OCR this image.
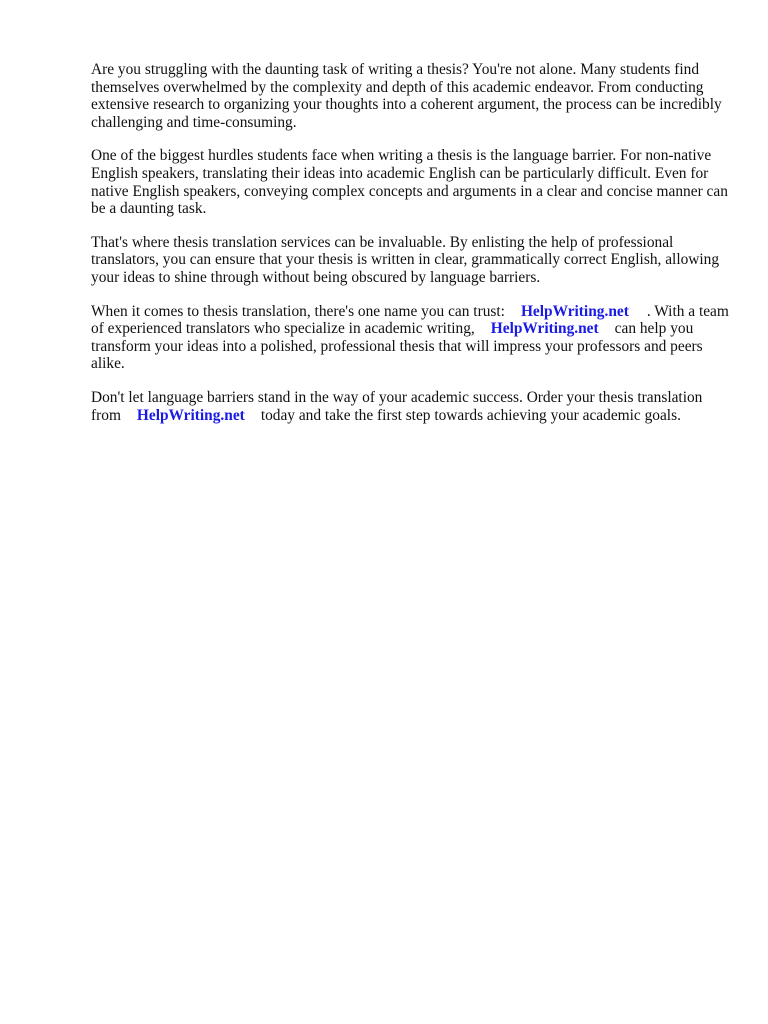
Are you struggling with the daunting task of writing a thesis? You're not alone. Many students find themselves overwhelmed by the complexity and depth of this academic endeavor. From conducting extensive research to organizing your thoughts into a coherent argument, the process can be incredibly challenging and time-consuming.

One of the biggest hurdles students face when writing a thesis is the language barrier. For non-native English speakers, translating their ideas into academic English can be particularly difficult. Even for native English speakers, conveying complex concepts and arguments in a clear and concise manner can be a daunting task.

That's where thesis translation services can be invaluable. By enlisting the help of professional translators, you can ensure that your thesis is written in clear, grammatically correct English, allowing your ideas to shine through without being obscured by language barriers.

When it comes to thesis translation, there's one name you can trust: HelpWriting.net . With a team of experienced translators who specialize in academic writing, HelpWriting.net can help you transform your ideas into a polished, professional thesis that will impress your professors and peers alike.

Don't let language barriers stand in the way of your academic success. Order your thesis translation from HelpWriting.net today and take the first step towards achieving your academic goals.
